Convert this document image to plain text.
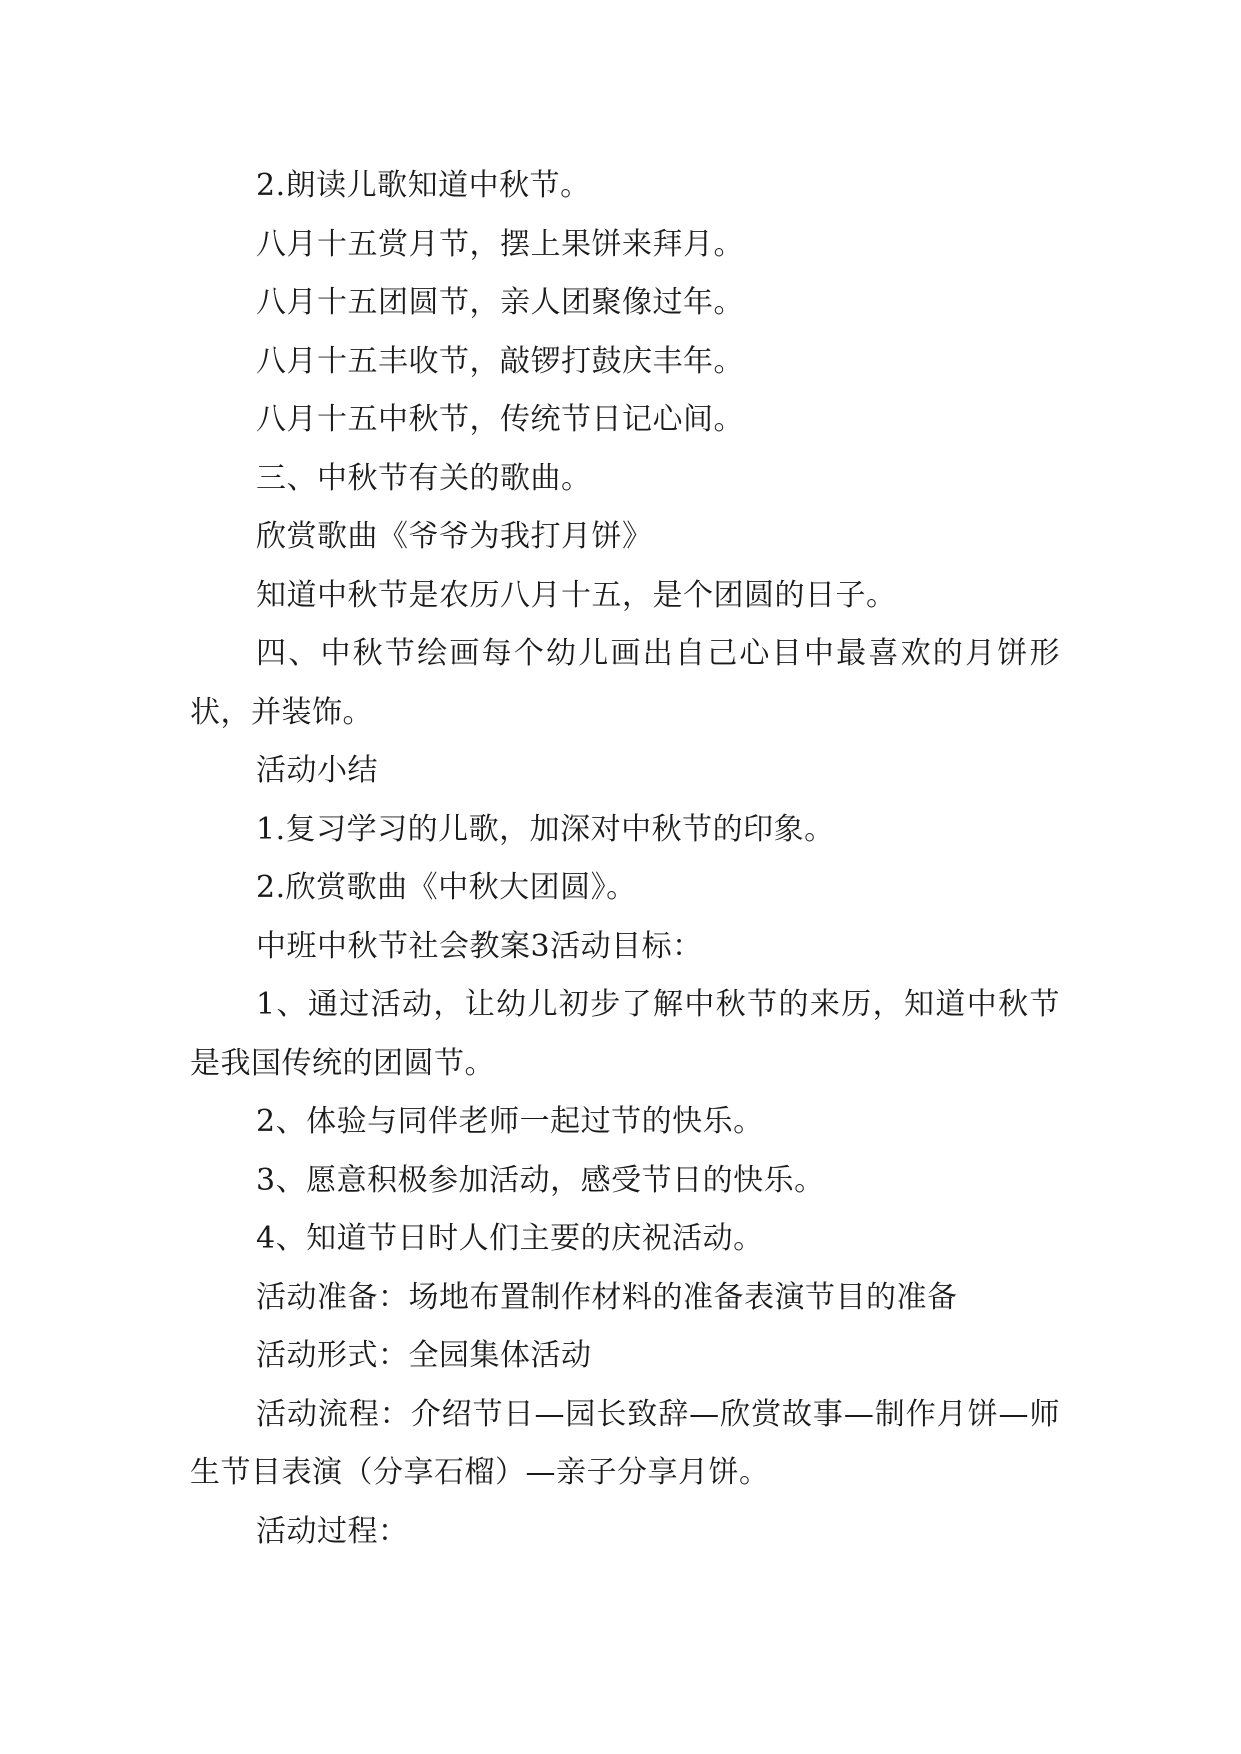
2.朗读儿歌知道中秋节。

八月十五赏月节，摆上果饼来拜月。

八月十五团圆节，亲人团聚像过年。

八月十五丰收节，敲锣打鼓庆丰年。

八月十五中秋节，传统节日记心间。

三、中秋节有关的歌曲。

欣赏歌曲《爷爷为我打月饼》

知道中秋节是农历八月十五，是个团圆的日子。

四、中秋节绘画每个幼儿画出自己心目中最喜欢的月饼形状，并装饰。

活动小结

1.复习学习的儿歌，加深对中秋节的印象。

2.欣赏歌曲《中秋大团圆》。

中班中秋节社会教案3活动目标：

1、通过活动，让幼儿初步了解中秋节的来历，知道中秋节是我国传统的团圆节。

2、体验与同伴老师一起过节的快乐。

3、愿意积极参加活动，感受节日的快乐。

4、知道节日时人们主要的庆祝活动。

活动准备：场地布置制作材料的准备表演节目的准备

活动形式：全园集体活动

活动流程：介绍节日—园长致辞—欣赏故事—制作月饼—师生节目表演（分享石榴）—亲子分享月饼。

活动过程：
